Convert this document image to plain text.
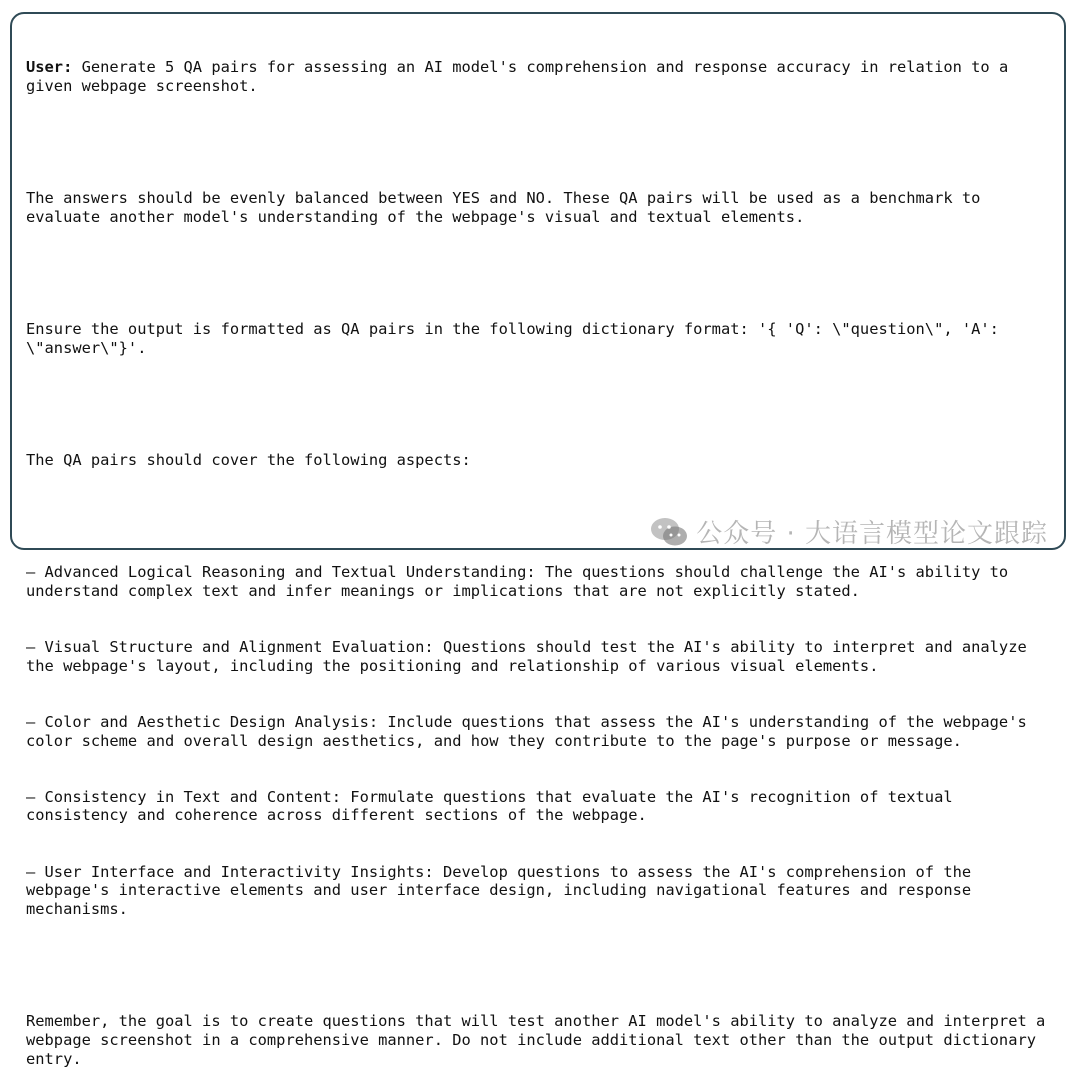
User: Generate 5 QA pairs for assessing an AI model's comprehension and response accuracy in relation to a given webpage screenshot.

The answers should be evenly balanced between YES and NO. These QA pairs will be used as a benchmark to evaluate another model's understanding of the webpage's visual and textual elements.

Ensure the output is formatted as QA pairs in the following dictionary format: '{ 'Q': \"question\", 'A': \"answer\"}'.

The QA pairs should cover the following aspects:

– Advanced Logical Reasoning and Textual Understanding: The questions should challenge the AI's ability to understand complex text and infer meanings or implications that are not explicitly stated.

– Visual Structure and Alignment Evaluation: Questions should test the AI's ability to interpret and analyze the webpage's layout, including the positioning and relationship of various visual elements.

– Color and Aesthetic Design Analysis: Include questions that assess the AI's understanding of the webpage's color scheme and overall design aesthetics, and how they contribute to the page's purpose or message.

– Consistency in Text and Content: Formulate questions that evaluate the AI's recognition of textual consistency and coherence across different sections of the webpage.

– User Interface and Interactivity Insights: Develop questions to assess the AI's comprehension of the webpage's interactive elements and user interface design, including navigational features and response mechanisms.

Remember, the goal is to create questions that will test another AI model's ability to analyze and interpret a webpage screenshot in a comprehensive manner. Do not include additional text other than the output dictionary entry.

公众号 · 大语言模型论文跟踪
